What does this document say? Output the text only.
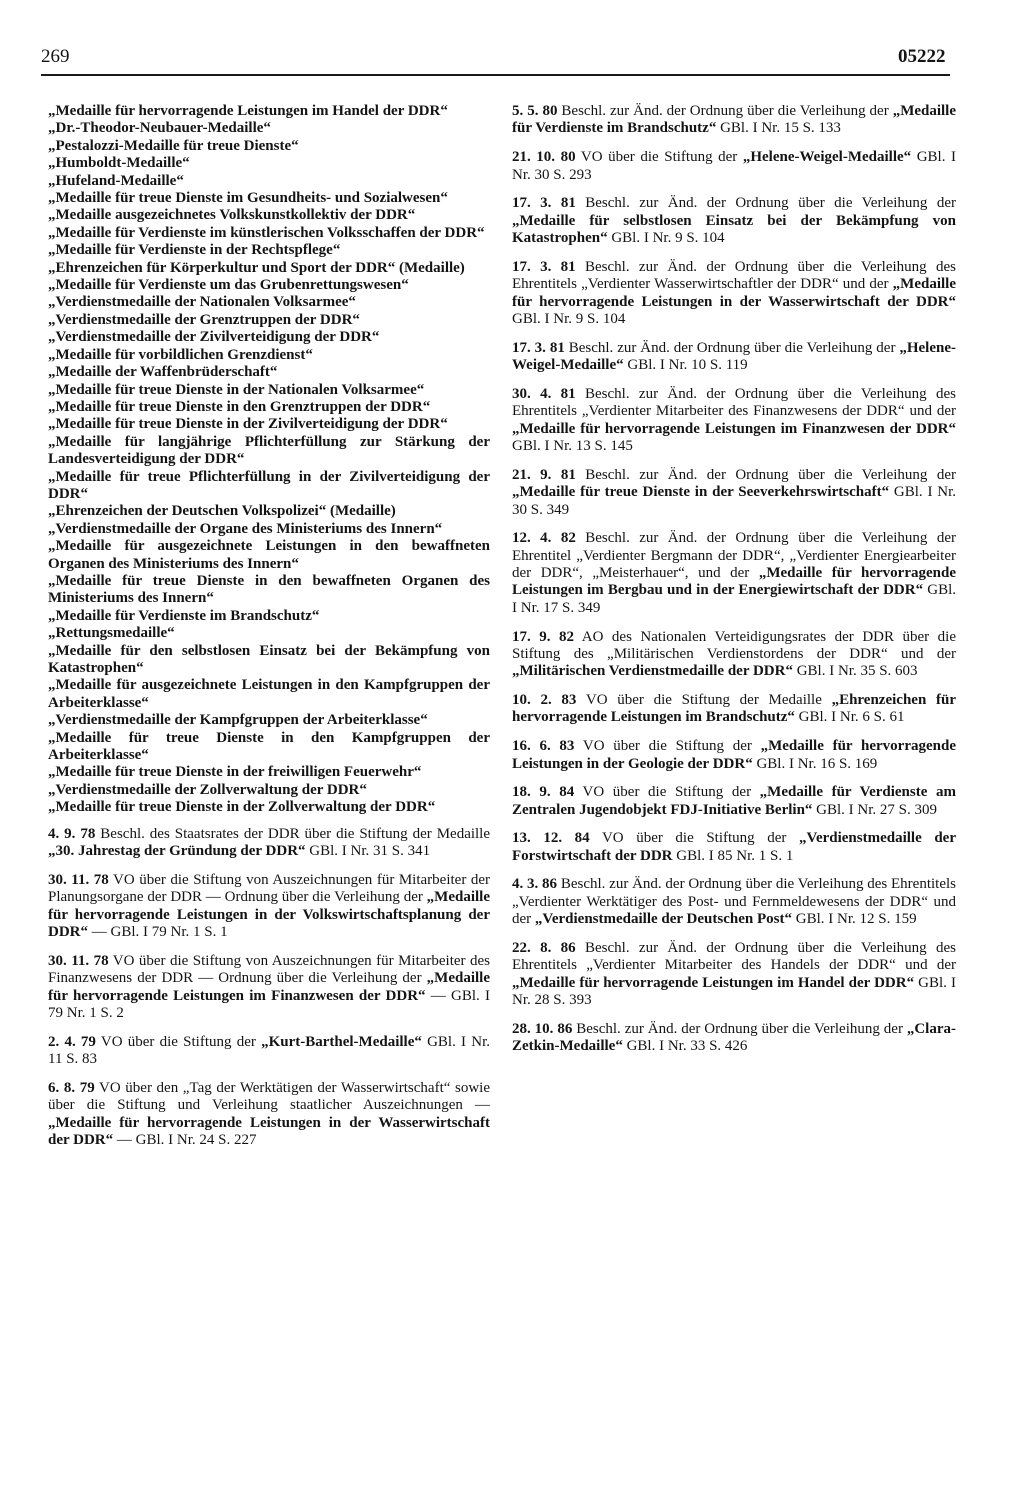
269	05222

„Medaille für hervorragende Leistungen im Handel der DDR“

„Dr.-Theodor-Neubauer-Medaille“

„Pestalozzi-Medaille für treue Dienste“

„Humboldt-Medaille“

„Hufeland-Medaille“

„Medaille für treue Dienste im Gesundheits- und Sozialwesen“

„Medaille ausgezeichnetes Volkskunstkollektiv der DDR“

„Medaille für Verdienste im künstlerischen Volksschaffen der DDR“

„Medaille für Verdienste in der Rechtspflege“

„Ehrenzeichen für Körperkultur und Sport der DDR“ (Medaille)

„Medaille für Verdienste um das Grubenrettungswesen“

„Verdienstmedaille der Nationalen Volksarmee“

„Verdienstmedaille der Grenztruppen der DDR“

„Verdienstmedaille der Zivilverteidigung der DDR“

„Medaille für vorbildlichen Grenzdienst“

„Medaille der Waffenbrüderschaft“

„Medaille für treue Dienste in der Nationalen Volksarmee“

„Medaille für treue Dienste in den Grenztruppen der DDR“

„Medaille für treue Dienste in der Zivilverteidigung der DDR“

„Medaille für langjährige Pflichterfüllung zur Stärkung der Landesverteidigung der DDR“

„Medaille für treue Pflichterfüllung in der Zivilverteidigung der DDR“

„Ehrenzeichen der Deutschen Volkspolizei“ (Medaille)

„Verdienstmedaille der Organe des Ministeriums des Innern“

„Medaille für ausgezeichnete Leistungen in den bewaffneten Organen des Ministeriums des Innern“

„Medaille für treue Dienste in den bewaffneten Organen des Ministeriums des Innern“

„Medaille für Verdienste im Brandschutz“

„Rettungsmedaille“

„Medaille für den selbstlosen Einsatz bei der Bekämpfung von Katastrophen“

„Medaille für ausgezeichnete Leistungen in den Kampfgruppen der Arbeiterklasse“

„Verdienstmedaille der Kampfgruppen der Arbeiterklasse“

„Medaille für treue Dienste in den Kampfgruppen der Arbeiterklasse“

„Medaille für treue Dienste in der freiwilligen Feuerwehr“

„Verdienstmedaille der Zollverwaltung der DDR“

„Medaille für treue Dienste in der Zollverwaltung der DDR“

4. 9. 78 Beschl. des Staatsrates der DDR über die Stiftung der Medaille „30. Jahrestag der Gründung der DDR“ GBl. I Nr. 31 S. 341

30. 11. 78 VO über die Stiftung von Auszeichnungen für Mitarbeiter der Planungsorgane der DDR — Ordnung über die Verleihung der „Medaille für hervorragende Leistungen in der Volkswirtschaftsplanung der DDR“ — GBl. I 79 Nr. 1 S. 1

30. 11. 78 VO über die Stiftung von Auszeichnungen für Mitarbeiter des Finanzwesens der DDR — Ordnung über die Verleihung der „Medaille für hervorragende Leistungen im Finanzwesen der DDR“ — GBl. I 79 Nr. 1 S. 2

2. 4. 79 VO über die Stiftung der „Kurt-Barthel-Medaille“ GBl. I Nr. 11 S. 83

6. 8. 79 VO über den „Tag der Werktätigen der Wasserwirtschaft“ sowie über die Stiftung und Verleihung staatlicher Auszeichnungen — „Medaille für hervorragende Leistungen in der Wasserwirtschaft der DDR“ — GBl. I Nr. 24 S. 227

5. 5. 80 Beschl. zur Änd. der Ordnung über die Verleihung der „Medaille für Verdienste im Brandschutz“ GBl. I Nr. 15 S. 133

21. 10. 80 VO über die Stiftung der „Helene-Weigel-Medaille“ GBl. I Nr. 30 S. 293

17. 3. 81 Beschl. zur Änd. der Ordnung über die Verleihung der „Medaille für selbstlosen Einsatz bei der Bekämpfung von Katastrophen“ GBl. I Nr. 9 S. 104

17. 3. 81 Beschl. zur Änd. der Ordnung über die Verleihung des Ehrentitels „Verdienter Wasserwirtschaftler der DDR“ und der „Medaille für hervorragende Leistungen in der Wasserwirtschaft der DDR“ GBl. I Nr. 9 S. 104

17. 3. 81 Beschl. zur Änd. der Ordnung über die Verleihung der „Helene-Weigel-Medaille“ GBl. I Nr. 10 S. 119

30. 4. 81 Beschl. zur Änd. der Ordnung über die Verleihung des Ehrentitels „Verdienter Mitarbeiter des Finanzwesens der DDR“ und der „Medaille für hervorragende Leistungen im Finanzwesen der DDR“ GBl. I Nr. 13 S. 145

21. 9. 81 Beschl. zur Änd. der Ordnung über die Verleihung der „Medaille für treue Dienste in der Seeverkehrswirtschaft“ GBl. I Nr. 30 S. 349

12. 4. 82 Beschl. zur Änd. der Ordnung über die Verleihung der Ehrentitel „Verdienter Bergmann der DDR“, „Verdienter Energiearbeiter der DDR“, „Meisterhauer“, und der „Medaille für hervorragende Leistungen im Bergbau und in der Energiewirtschaft der DDR“ GBl. I Nr. 17 S. 349

17. 9. 82 AO des Nationalen Verteidigungsrates der DDR über die Stiftung des „Militärischen Verdienstordens der DDR“ und der „Militärischen Verdienstmedaille der DDR“ GBl. I Nr. 35 S. 603

10. 2. 83 VO über die Stiftung der Medaille „Ehrenzeichen für hervorragende Leistungen im Brandschutz“ GBl. I Nr. 6 S. 61

16. 6. 83 VO über die Stiftung der „Medaille für hervorragende Leistungen in der Geologie der DDR“ GBl. I Nr. 16 S. 169

18. 9. 84 VO über die Stiftung der „Medaille für Verdienste am Zentralen Jugendobjekt FDJ-Initiative Berlin“ GBl. I Nr. 27 S. 309

13. 12. 84 VO über die Stiftung der „Verdienstmedaille der Forstwirtschaft der DDR GBl. I 85 Nr. 1 S. 1

4. 3. 86 Beschl. zur Änd. der Ordnung über die Verleihung des Ehrentitels „Verdienter Werktätiger des Post- und Fernmeldewesens der DDR“ und der „Verdienstmedaille der Deutschen Post“ GBl. I Nr. 12 S. 159

22. 8. 86 Beschl. zur Änd. der Ordnung über die Verleihung des Ehrentitels „Verdienter Mitarbeiter des Handels der DDR“ und der „Medaille für hervorragende Leistungen im Handel der DDR“ GBl. I Nr. 28 S. 393

28. 10. 86 Beschl. zur Änd. der Ordnung über die Verleihung der „Clara-Zetkin-Medaille“ GBl. I Nr. 33 S. 426
